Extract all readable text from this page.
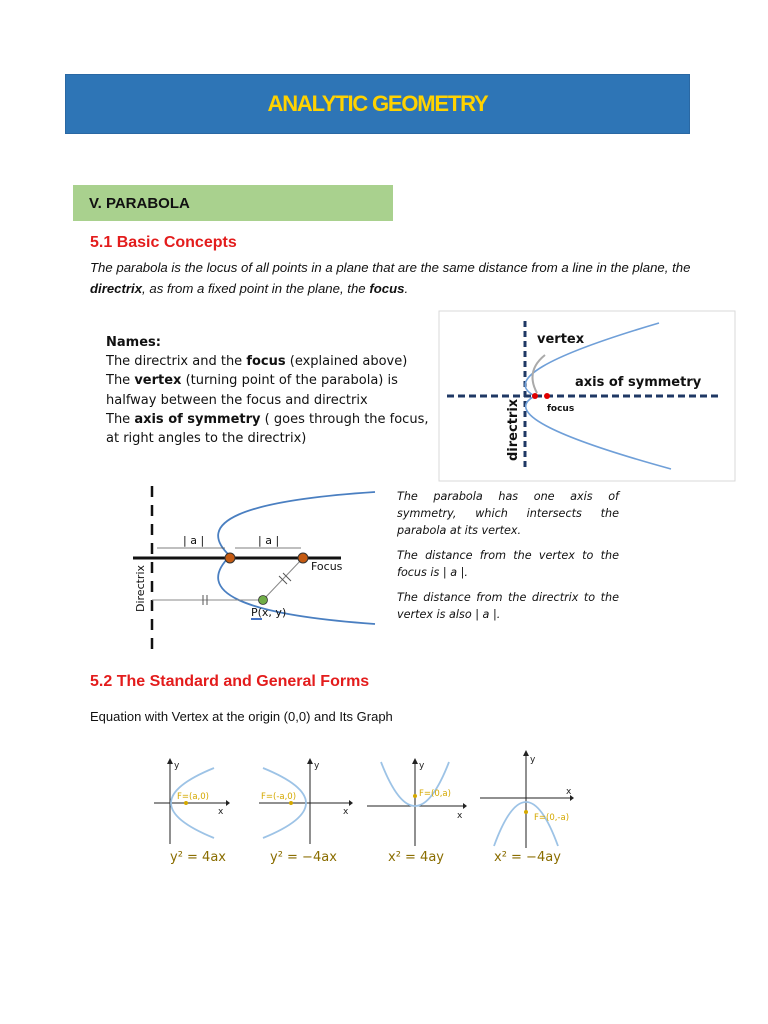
ANALYTIC GEOMETRY
V. PARABOLA
5.1 Basic Concepts
The parabola is the locus of all points in a plane that are the same distance from a line in the plane, the directrix, as from a fixed point in the plane, the focus.
Names:
The directrix and the focus (explained above)
The vertex (turning point of the parabola) is halfway between the focus and directrix
The axis of symmetry ( goes through the focus, at right angles to the directrix)
vertex
axis of symmetry
focus
directrix
| a |	| a |
Focus
Directrix
P(x, y)

The parabola has one axis of symmetry, which intersects the parabola at its vertex.

The distance from the vertex to the focus is | a |.

The distance from the directrix to the vertex is also | a |.

5.2 The Standard and General Forms
Equation with Vertex at the origin (0,0) and Its Graph
y
x
F=(a,0)
y² = 4ax
y
x
F=(-a,0)
y² = −4ax
y
x
F=(0,a)
x² = 4ay
y
x
F=(0,-a)
x² = −4ay
